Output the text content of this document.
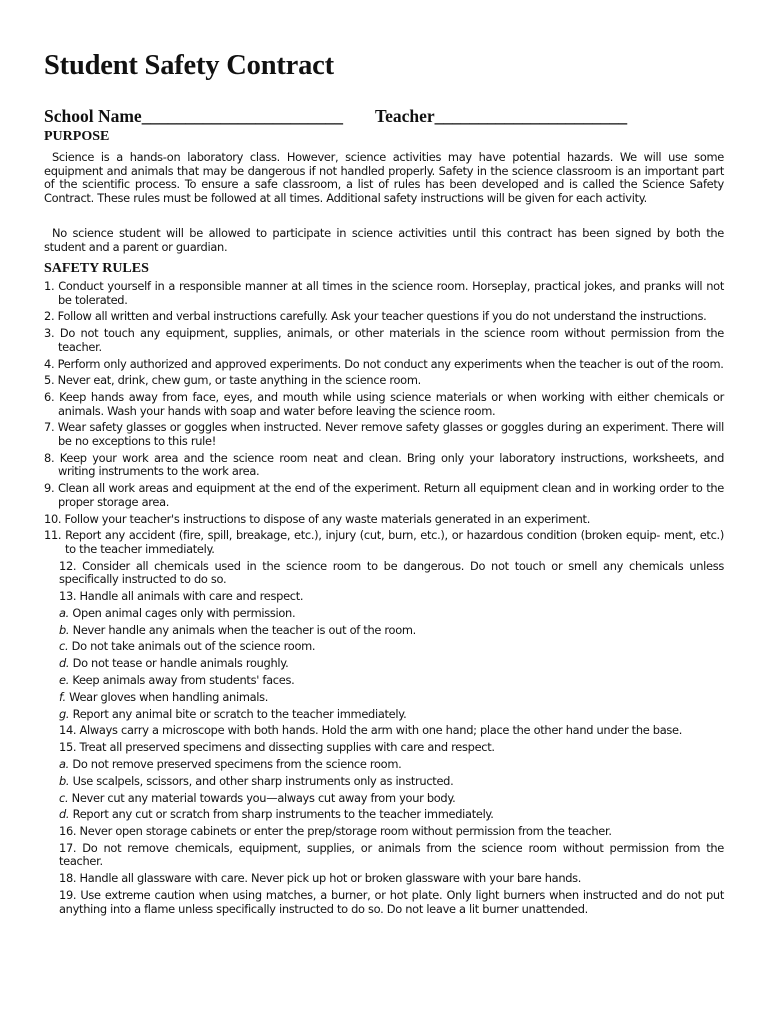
Student Safety Contract
School Name_______________________ Teacher______________________
PURPOSE

Science is a hands-on laboratory class. However, science activities may have potential hazards. We will use some equipment and animals that may be dangerous if not handled properly. Safety in the science classroom is an important part of the scientific process. To ensure a safe classroom, a list of rules has been developed and is called the Science Safety Contract. These rules must be followed at all times. Additional safety instructions will be given for each activity.

No science student will be allowed to participate in science activities until this contract has been signed by both the student and a parent or guardian.

SAFETY RULES
1. Conduct yourself in a responsible manner at all times in the science room. Horseplay, practical jokes, and pranks will not be tolerated.
2. Follow all written and verbal instructions carefully. Ask your teacher questions if you do not understand the instructions.
3. Do not touch any equipment, supplies, animals, or other materials in the science room without permission from the teacher.
4. Perform only authorized and approved experiments. Do not conduct any experiments when the teacher is out of the room.
5. Never eat, drink, chew gum, or taste anything in the science room.
6. Keep hands away from face, eyes, and mouth while using science materials or when working with either chemicals or animals. Wash your hands with soap and water before leaving the science room.
7. Wear safety glasses or goggles when instructed. Never remove safety glasses or goggles during an experiment. There will be no exceptions to this rule!
8. Keep your work area and the science room neat and clean. Bring only your laboratory instructions, worksheets, and writing instruments to the work area.
9. Clean all work areas and equipment at the end of the experiment. Return all equipment clean and in working order to the proper storage area.
10. Follow your teacher's instructions to dispose of any waste materials generated in an experiment.
11. Report any accident (fire, spill, breakage, etc.), injury (cut, burn, etc.), or hazardous condition (broken equip- ment, etc.) to the teacher immediately.
12. Consider all chemicals used in the science room to be dangerous. Do not touch or smell any chemicals unless specifically instructed to do so.
13. Handle all animals with care and respect.
a. Open animal cages only with permission.
b. Never handle any animals when the teacher is out of the room.
c. Do not take animals out of the science room.
d. Do not tease or handle animals roughly.
e. Keep animals away from students' faces.
f. Wear gloves when handling animals.
g. Report any animal bite or scratch to the teacher immediately.
14. Always carry a microscope with both hands. Hold the arm with one hand; place the other hand under the base.
15. Treat all preserved specimens and dissecting supplies with care and respect.
a. Do not remove preserved specimens from the science room.
b. Use scalpels, scissors, and other sharp instruments only as instructed.
c. Never cut any material towards you—always cut away from your body.
d. Report any cut or scratch from sharp instruments to the teacher immediately.
16. Never open storage cabinets or enter the prep/storage room without permission from the teacher.
17. Do not remove chemicals, equipment, supplies, or animals from the science room without permission from the teacher.
18. Handle all glassware with care. Never pick up hot or broken glassware with your bare hands.
19. Use extreme caution when using matches, a burner, or hot plate. Only light burners when instructed and do not put anything into a flame unless specifically instructed to do so. Do not leave a lit burner unattended.
